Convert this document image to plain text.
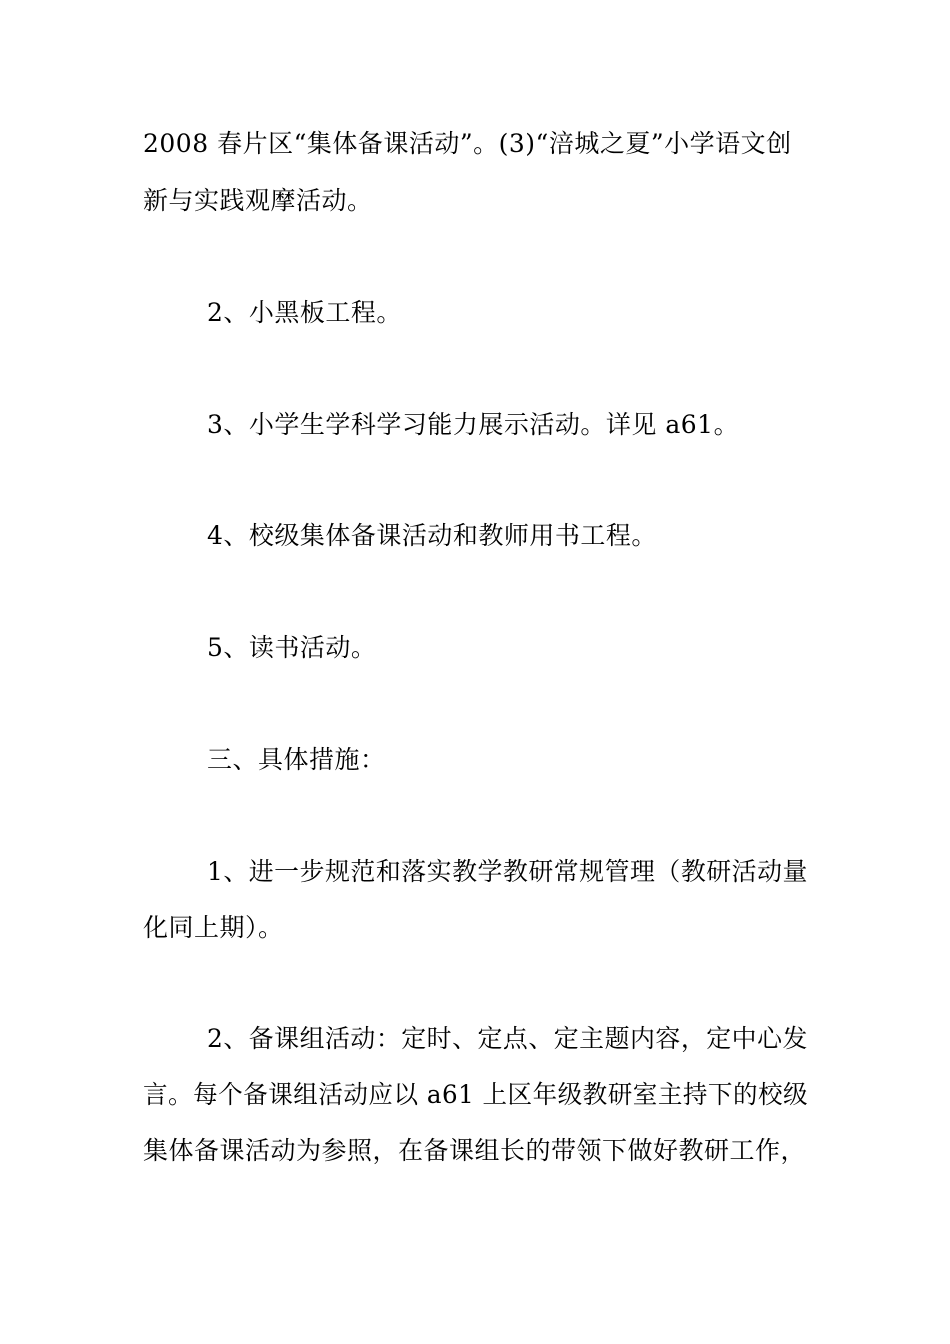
2008 春片区“集体备课活动”。(3)“涪城之夏”小学语文创
新与实践观摩活动。
2、小黑板工程。
3、小学生学科学习能力展示活动。详见 a61。
4、校级集体备课活动和教师用书工程。
5、读书活动。
三、具体措施：
1、进一步规范和落实教学教研常规管理（教研活动量
化同上期）。
2、备课组活动：定时、定点、定主题内容，定中心发
言。每个备课组活动应以 a61 上区年级教研室主持下的校级
集体备课活动为参照，在备课组长的带领下做好教研工作，
